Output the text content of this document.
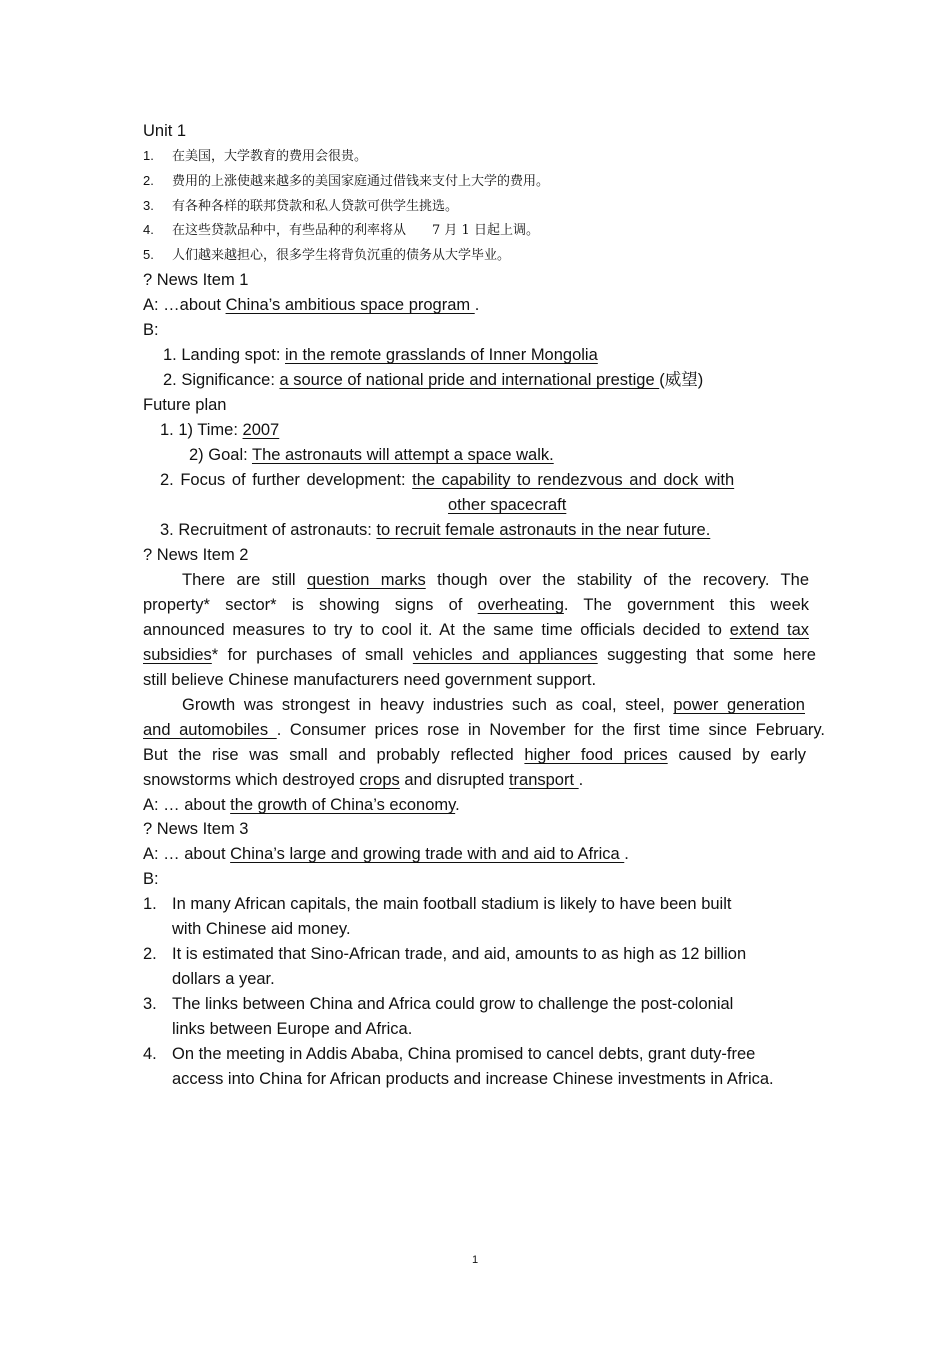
Unit 1
1. 在美国，大学教育的费用会很贵。
2. 费用的上涨使越来越多的美国家庭通过借钱来支付上大学的费用。
3. 有各种各样的联邦贷款和私人贷款可供学生挑选。
4. 在这些贷款品种中，有些品种的利率将从　　7 月 1 日起上调。
5. 人们越来越担心，很多学生将背负沉重的债务从大学毕业。
? News Item 1
A: …about China’s ambitious space program .
B:
1. Landing spot: in the remote grasslands of Inner Mongolia
2. Significance: a source of national pride and international prestige (威望)
Future plan
1. 1) Time: 2007
2) Goal: The astronauts will attempt a space walk.
2. Focus of further development: the capability to rendezvous and dock with
other spacecraft
3. Recruitment of astronauts: to recruit female astronauts in the near future.
? News Item 2
There are still question marks though over the stability of the recovery. The
property* sector* is showing signs of overheating. The government this week
announced measures to try to cool it. At the same time officials decided to extend tax
subsidies* for purchases of small vehicles and appliances suggesting that some here
still believe Chinese manufacturers need government support.
Growth was strongest in heavy industries such as coal, steel, power generation
and automobiles . Consumer prices rose in November for the first time since February.
But the rise was small and probably reflected higher food prices caused by early
snowstorms which destroyed crops and disrupted transport .
A: … about the growth of China’s economy.
? News Item 3
A: … about China’s large and growing trade with and aid to Africa .
B:
1. In many African capitals, the main football stadium is likely to have been built
with Chinese aid money.
2. It is estimated that Sino-African trade, and aid, amounts to as high as 12 billion
dollars a year.
3. The links between China and Africa could grow to challenge the post-colonial
links between Europe and Africa.
4. On the meeting in Addis Ababa, China promised to cancel debts, grant duty-free
access into China for African products and increase Chinese investments in Africa.
1
